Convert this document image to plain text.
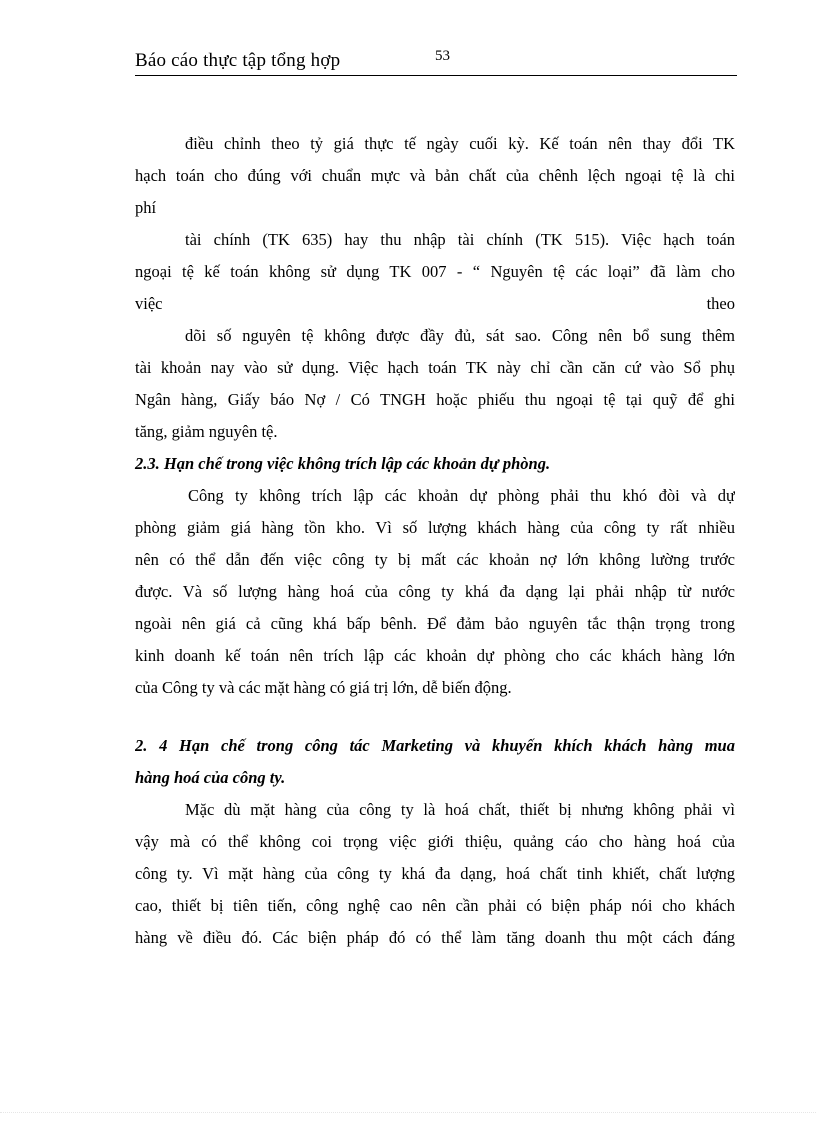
Báo cáo thực tập tổng hợp	53
điều chỉnh theo tỷ giá thực tế ngày cuối kỳ. Kế toán nên thay đổi TK
hạch toán cho đúng với chuẩn mực và bản chất của chênh lệch ngoại tệ là chi
phí
tài chính (TK 635) hay thu nhập tài chính (TK 515). Việc hạch toán
ngoại tệ kế toán không sử dụng TK 007 - “ Nguyên tệ các loại” đã làm cho
việc	theo
dõi số nguyên tệ không được đầy đủ, sát sao. Công nên bổ sung thêm
tài khoản nay vào sử dụng. Việc hạch toán TK này chỉ cần căn cứ vào Sổ phụ
Ngân hàng, Giấy báo Nợ / Có TNGH hoặc phiếu thu ngoại tệ tại quỹ để ghi
tăng, giảm nguyên tệ.
2.3. Hạn chế trong việc không trích lập các khoản dự phòng.
Công ty không trích lập các khoản dự phòng phải thu khó đòi và dự
phòng giảm giá hàng tồn kho. Vì số lượng khách hàng của công ty rất nhiều
nên có thể dẫn đến việc công ty bị mất các khoản nợ lớn không lường trước
được. Và số lượng hàng hoá của công ty khá đa dạng lại phải nhập từ nước
ngoài nên giá cả cũng khá bấp bênh. Để đảm bảo nguyên tắc thận trọng trong
kinh doanh kế toán nên trích lập các khoản dự phòng cho các khách hàng lớn
của Công ty và các mặt hàng có giá trị lớn, dễ biến động.
2. 4 Hạn chế trong công tác Marketing và khuyến khích khách hàng mua
hàng hoá của công ty.
Mặc dù mặt hàng của công ty là hoá chất, thiết bị nhưng không phải vì
vậy mà có thể không coi trọng việc giới thiệu, quảng cáo cho hàng hoá của
công ty. Vì mặt hàng của công ty khá đa dạng, hoá chất tinh khiết, chất lượng
cao, thiết bị tiên tiến, công nghệ cao nên cần phải có biện pháp nói cho khách
hàng về điều đó. Các biện pháp đó có thể làm tăng doanh thu một cách đáng
